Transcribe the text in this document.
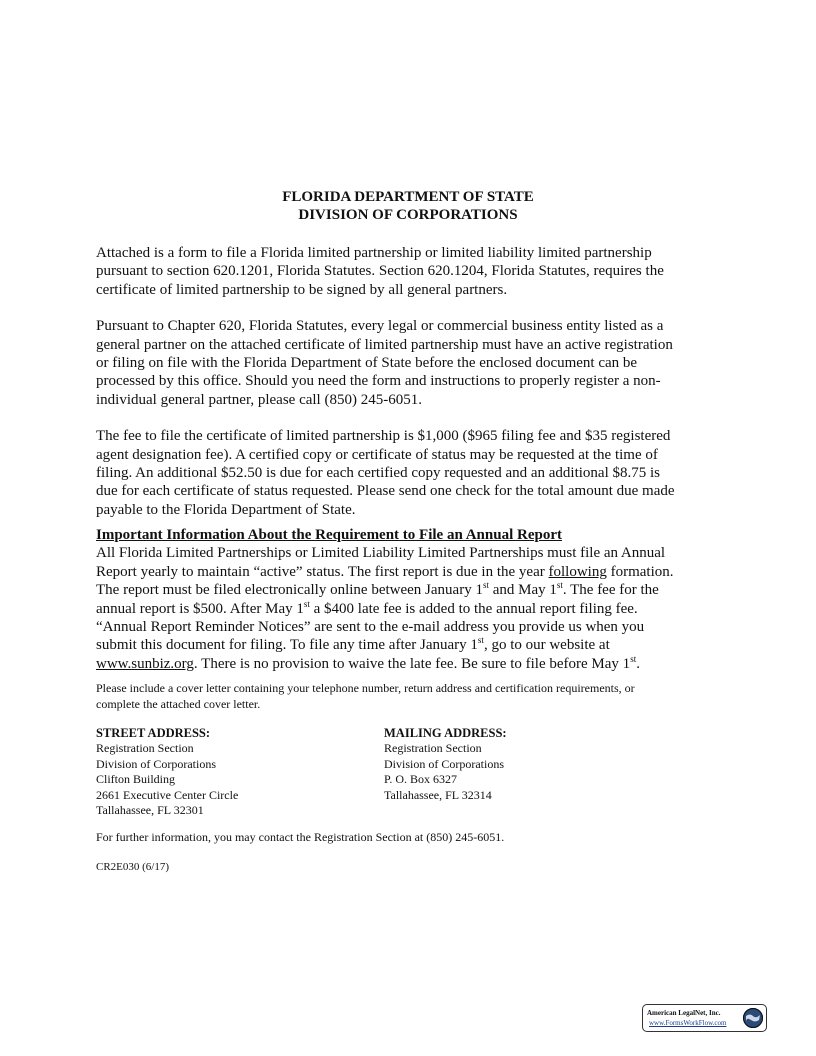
FLORIDA DEPARTMENT OF STATE

DIVISION OF CORPORATIONS

Attached is a form to file a Florida limited partnership or limited liability limited partnership
pursuant to section 620.1201, Florida Statutes. Section 620.1204, Florida Statutes, requires the
certificate of limited partnership to be signed by all general partners.
Pursuant to Chapter 620, Florida Statutes, every legal or commercial business entity listed as a
general partner on the attached certificate of limited partnership must have an active registration
or filing on file with the Florida Department of State before the enclosed document can be
processed by this office. Should you need the form and instructions to properly register a non-
individual general partner, please call (850) 245-6051.
The fee to file the certificate of limited partnership is $1,000 ($965 filing fee and $35 registered
agent designation fee). A certified copy or certificate of status may be requested at the time of
filing. An additional $52.50 is due for each certified copy requested and an additional $8.75 is
due for each certificate of status requested. Please send one check for the total amount due made
payable to the Florida Department of State.
Important Information About the Requirement to File an Annual Report
All Florida Limited Partnerships or Limited Liability Limited Partnerships must file an Annual
Report yearly to maintain “active” status. The first report is due in the year following formation.
The report must be filed electronically online between January 1st and May 1st. The fee for the
annual report is $500. After May 1st a $400 late fee is added to the annual report filing fee.
“Annual Report Reminder Notices” are sent to the e-mail address you provide us when you
submit this document for filing. To file any time after January 1st, go to our website at
www.sunbiz.org. There is no provision to waive the late fee. Be sure to file before May 1st.
Please include a cover letter containing your telephone number, return address and certification requirements, or
complete the attached cover letter.
STREET ADDRESS:
Registration Section
Division of Corporations
Clifton Building
2661 Executive Center Circle
Tallahassee, FL 32301
MAILING ADDRESS:
Registration Section
Division of Corporations
P. O. Box 6327
Tallahassee, FL 32314
For further information, you may contact the Registration Section at (850) 245-6051.
CR2E030 (6/17)
American LegalNet, Inc.
www.FormsWorkFlow.com
